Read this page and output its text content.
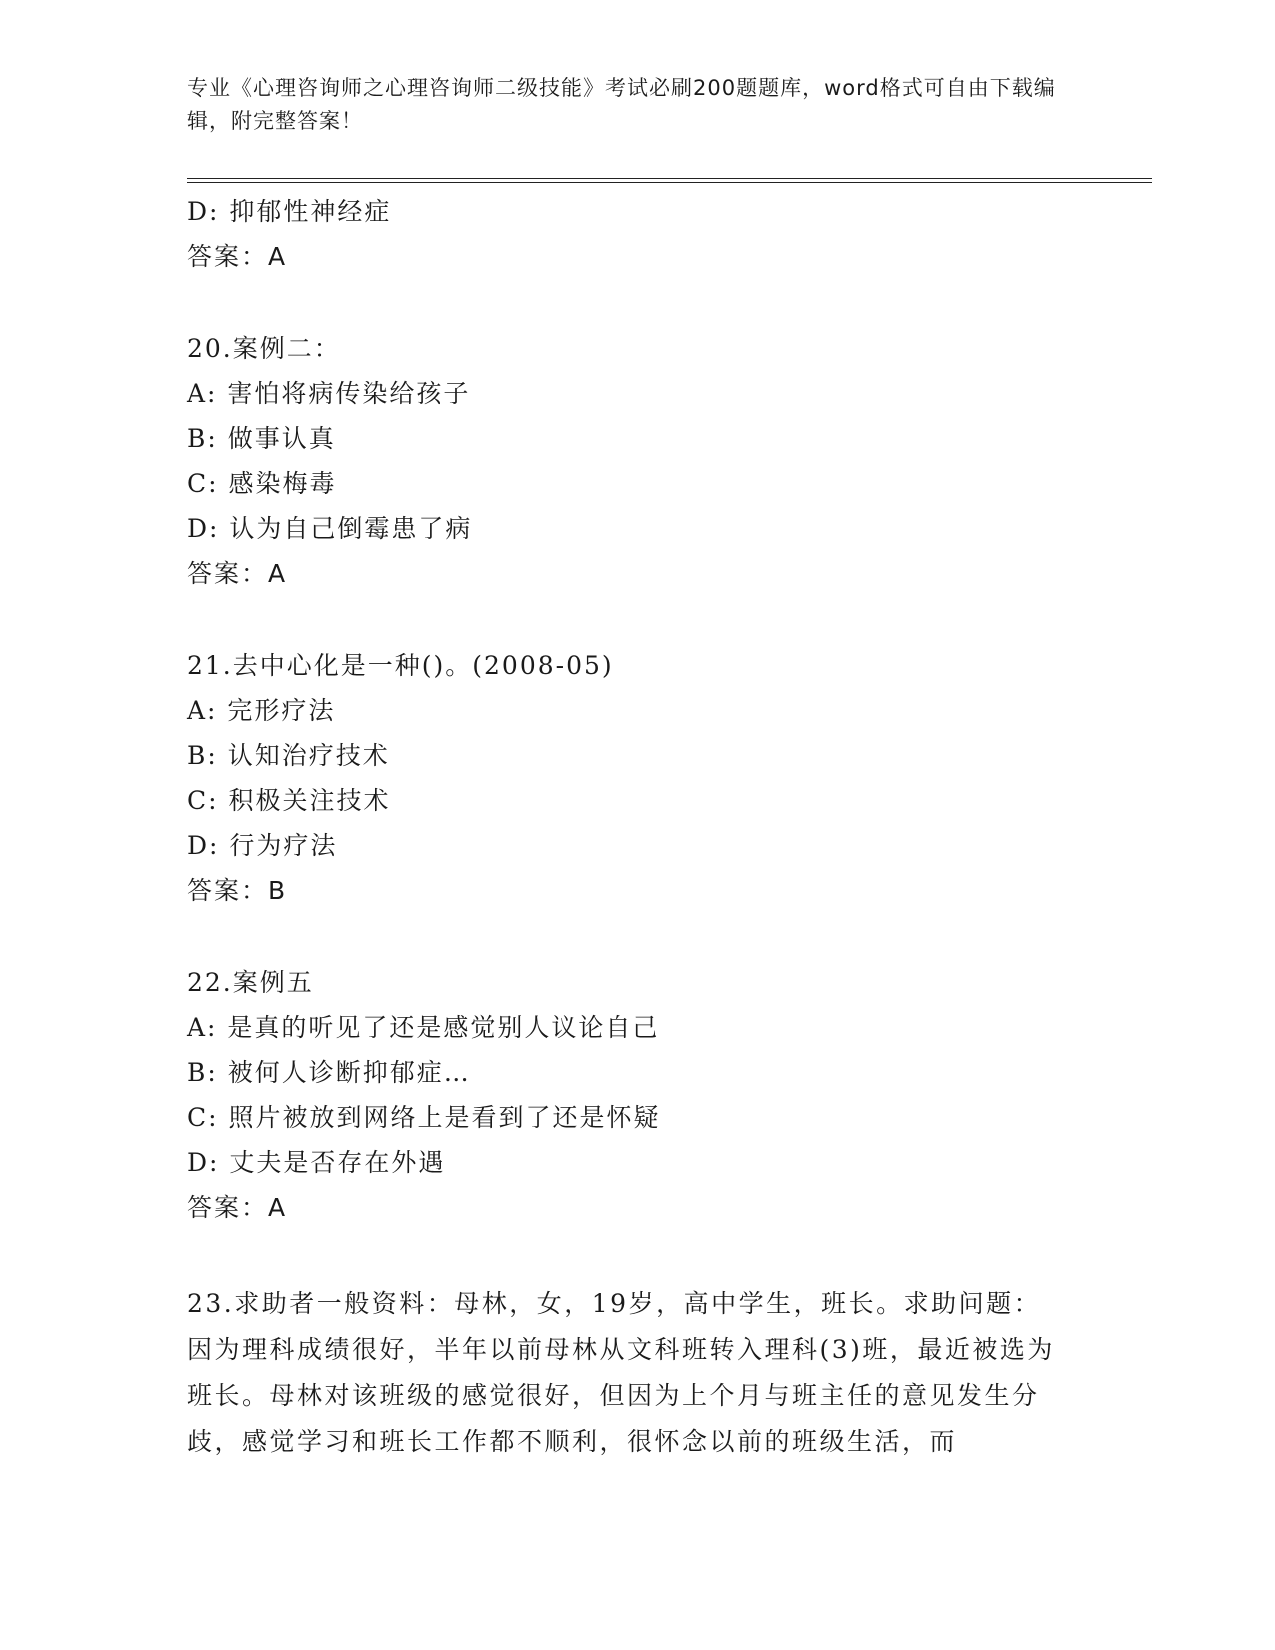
专业《心理咨询师之心理咨询师二级技能》考试必刷200题题库，word格式可自由下载编辑，附完整答案！
D: 抑郁性神经症
答案：A
20.案例二：
A: 害怕将病传染给孩子
B: 做事认真
C: 感染梅毒
D: 认为自己倒霉患了病
答案：A
21.去中心化是一种()。(2008-05)
A: 完形疗法
B: 认知治疗技术
C: 积极关注技术
D: 行为疗法
答案：B
22.案例五
A: 是真的听见了还是感觉别人议论自己
B: 被何人诊断抑郁症…
C: 照片被放到网络上是看到了还是怀疑
D: 丈夫是否存在外遇
答案：A
23.求助者一般资料：母林，女，19岁，高中学生，班长。求助问题：因为理科成绩很好，半年以前母林从文科班转入理科(3)班，最近被选为班长。母林对该班级的感觉很好，但因为上个月与班主任的意见发生分歧，感觉学习和班长工作都不顺利，很怀念以前的班级生活，而
